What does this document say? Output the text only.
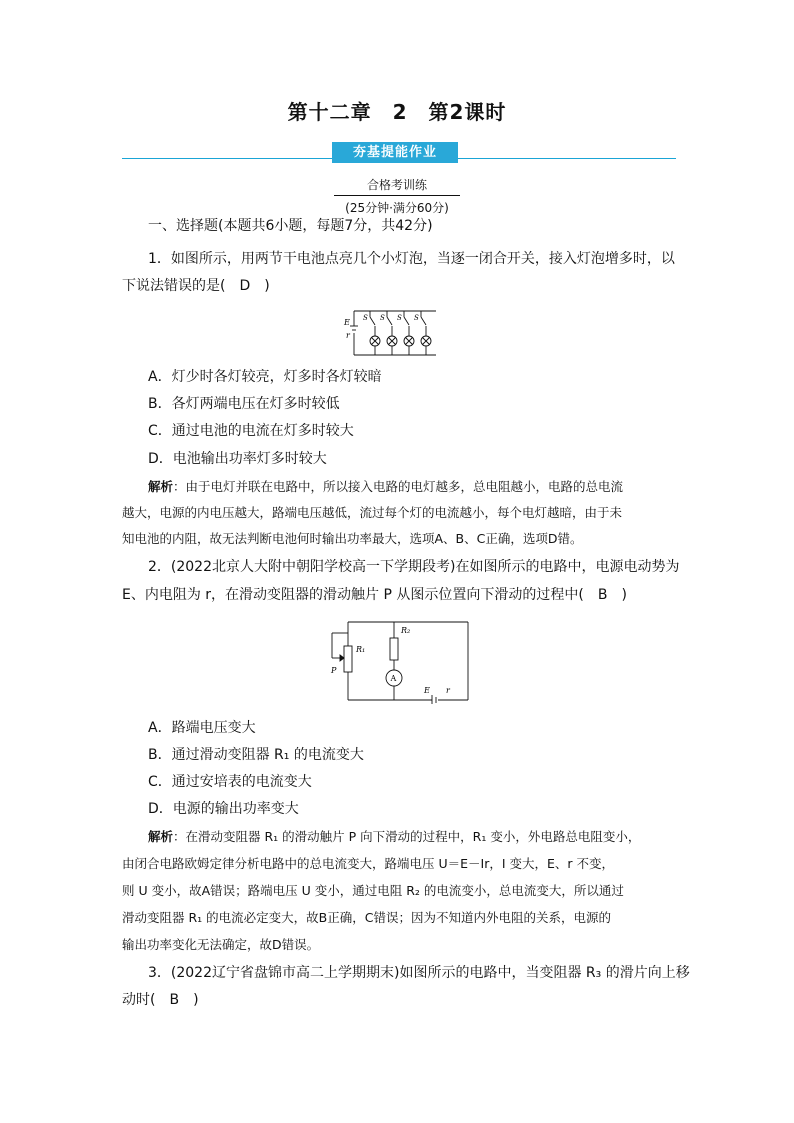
第十二章　2　第2课时
夯基提能作业
合格考训练
(25分钟·满分60分)
一、选择题(本题共6小题，每题7分，共42分)
1．如图所示，用两节干电池点亮几个小灯泡，当逐一闭合开关，接入灯泡增多时，以
下说法错误的是(　D　)
E
r
S S S S
A．灯少时各灯较亮，灯多时各灯较暗
B．各灯两端电压在灯多时较低
C．通过电池的电流在灯多时较大
D．电池输出功率灯多时较大
解析：由于电灯并联在电路中，所以接入电路的电灯越多，总电阻越小，电路的总电流
越大，电源的内电压越大，路端电压越低，流过每个灯的电流越小，每个电灯越暗，由于未
知电池的内阻，故无法判断电池何时输出功率最大，选项A、B、C正确，选项D错。
2．(2022北京人大附中朝阳学校高一下学期段考)在如图所示的电路中，电源电动势为
E、内电阻为 r，在滑动变阻器的滑动触片 P 从图示位置向下滑动的过程中(　B　)
R₁
R₂
P
A
E r
A．路端电压变大
B．通过滑动变阻器 R₁ 的电流变大
C．通过安培表的电流变大
D．电源的输出功率变大
解析：在滑动变阻器 R₁ 的滑动触片 P 向下滑动的过程中，R₁ 变小，外电路总电阻变小，
由闭合电路欧姆定律分析电路中的总电流变大，路端电压 U＝E－Ir，I 变大，E、r 不变，
则 U 变小，故A错误；路端电压 U 变小，通过电阻 R₂ 的电流变小，总电流变大，所以通过
滑动变阻器 R₁ 的电流必定变大，故B正确，C错误；因为不知道内外电阻的关系，电源的
输出功率变化无法确定，故D错误。
3．(2022辽宁省盘锦市高二上学期期末)如图所示的电路中，当变阻器 R₃ 的滑片向上移
动时(　B　)
